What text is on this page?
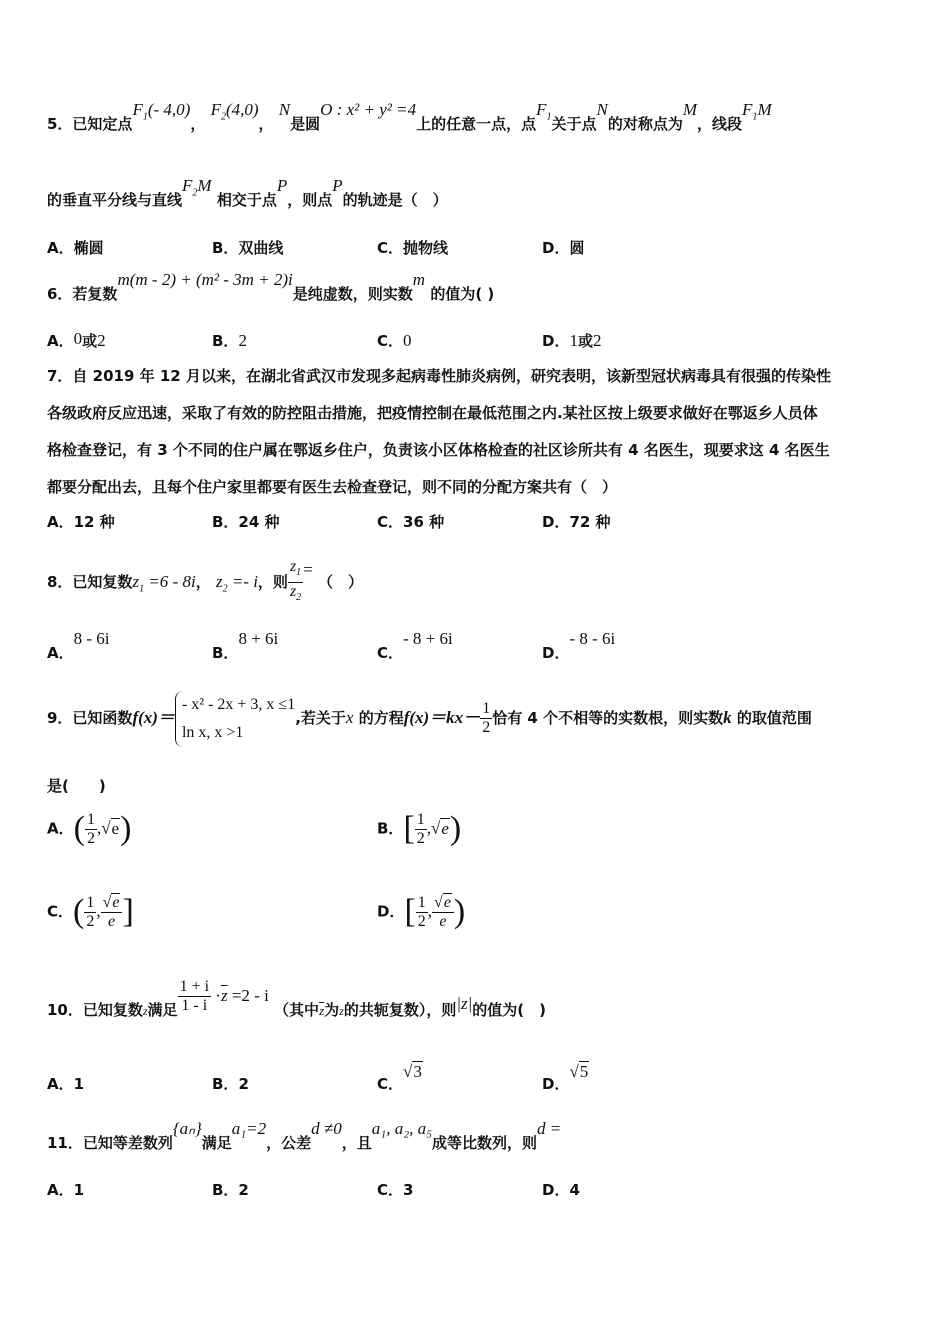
5．已知定点$F_1(-$ 4,0)， $F_2(4,0)$， N是圆O : x² + y² =4上的任意一点，点$F_1$关于点N的对称点为M，线段$F_1M$
的垂直平分线与直线$F_2M$ 相交于点P，则点P的轨迹是（　）
A．椭圆	B．双曲线	C．抛物线	D．圆
6．若复数m(m - 2) + (m² - 3m + 2)i是纯虚数，则实数m 的值为( )
A．0或2	B．2	C．0	D．1或2
7．自 2019 年 12 月以来，在湖北省武汉市发现多起病毒性肺炎病例，研究表明，该新型冠状病毒具有很强的传染性
各级政府反应迅速，采取了有效的防控阻击措施，把疫情控制在最低范围之内.某社区按上级要求做好在鄂返乡人员体
格检查登记，有 3 个不同的住户属在鄂返乡住户，负责该小区体格检查的社区诊所共有 4 名医生，现要求这 4 名医生
都要分配出去，且每个住户家里都要有医生去检查登记，则不同的分配方案共有（　）
A．12 种	B．24 种	C．36 种	D．72 种
8．已知复数$z_1 =6 - 8i$， $z_2 =- i$，则 $\frac{z_1}{z_2}$ = （　）
A．8 - 6i
B．8 + 6i
C．- 8 + 6i
D．- 8 - 6i
9．已知函数f(x)＝
- x² - 2x + 3, x ≤1
ln x, x >1
,若关于x 的方程$f(x)=kx- \frac{1}{2}$ 恰有 4 个不相等的实数根，则实数k 的取值范围
是(　　)
A．( $\frac{1}{2} ,√e$)	B．[ $\frac{1}{2} ,√e$)
C．( $\frac{1}{2}$ , $\frac{√e}{e}$ ]	D．[ $\frac{1}{2}$ , $\frac{√e}{e}$ )
10．已知复数z满足 $\frac{1 + i}{1 - i} \cdot\overline{z} =2 - i$ （其中$\overline{z}$为z的共轭复数），则|z|的值为(　)
A．1	B．2	C．√3
D．√5
11．已知等差数列{aₙ}满足a₁=2，公差d ≠0，且a₁, a₂, a₅成等比数列，则d =
A．1	B．2	C．3	D．4
